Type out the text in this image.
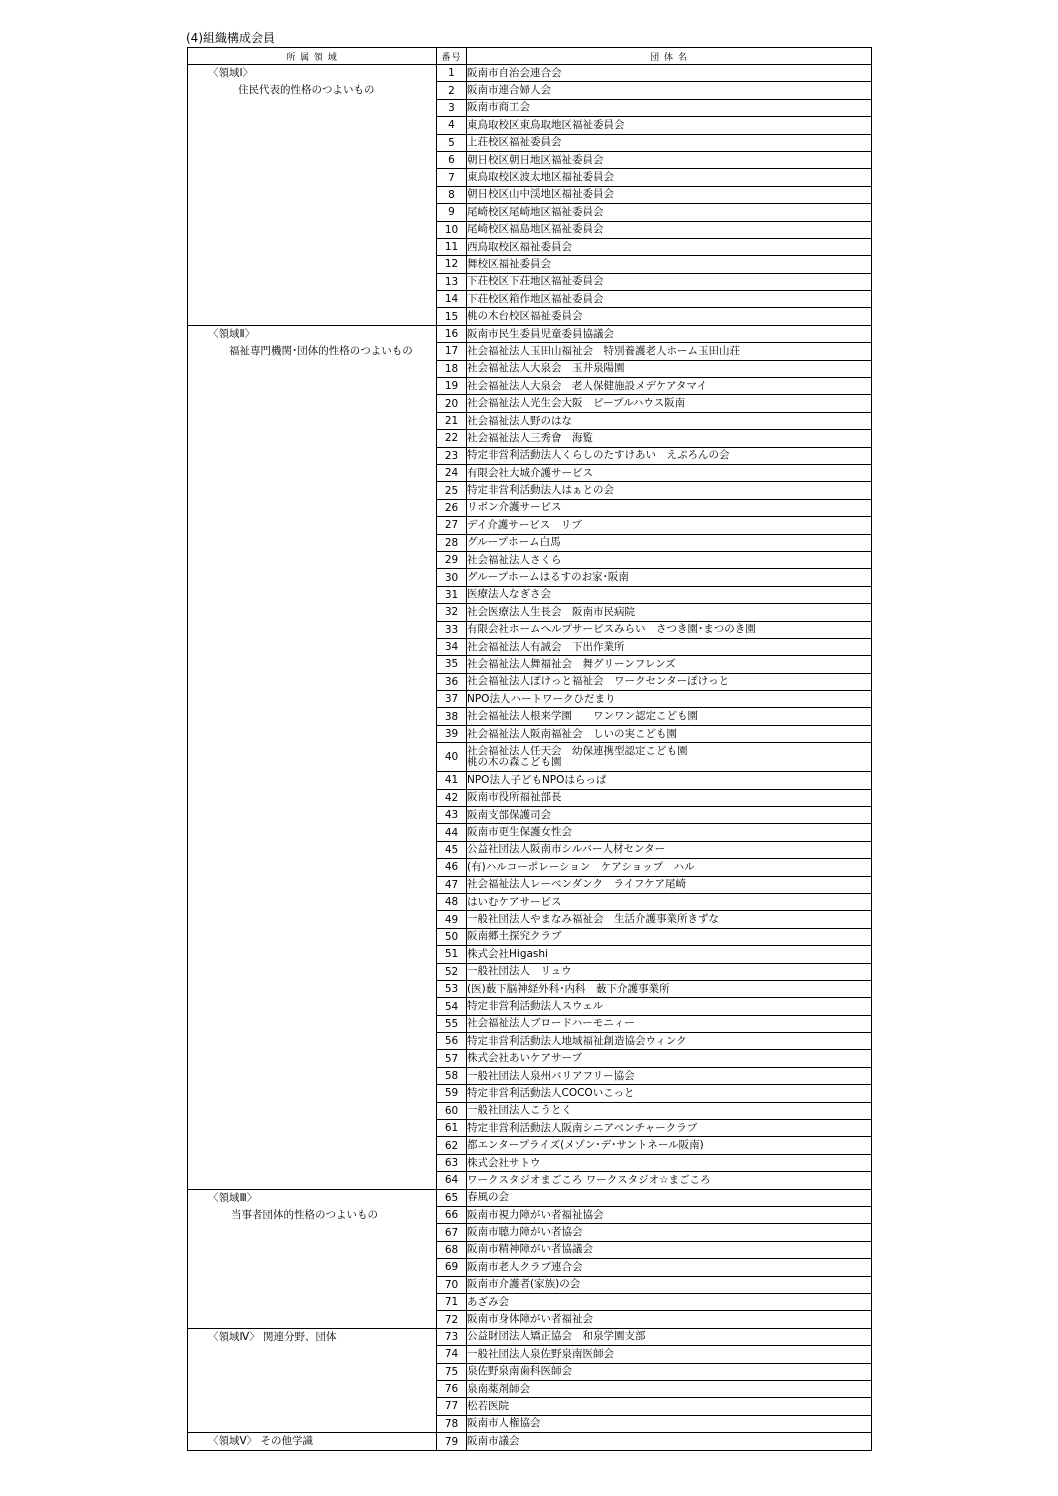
(4)組織構成会員
所 属 領 域	番号	団 体 名

〈領域Ⅰ〉
住民代表的性格のつよいもの	1	阪南市自治会連合会
	2	阪南市連合婦人会
	3	阪南市商工会
	4	東鳥取校区東鳥取地区福祉委員会
	5	上荘校区福祉委員会
	6	朝日校区朝日地区福祉委員会
	7	東鳥取校区波太地区福祉委員会
	8	朝日校区山中渓地区福祉委員会
	9	尾崎校区尾崎地区福祉委員会
	10	尾崎校区福島地区福祉委員会
	11	西鳥取校区福祉委員会
	12	舞校区福祉委員会
	13	下荘校区下荘地区福祉委員会
	14	下荘校区箱作地区福祉委員会
	15	桃の木台校区福祉委員会

〈領域Ⅱ〉
福祉専門機関･団体的性格のつよいもの	16	阪南市民生委員児童委員協議会
	17	社会福祉法人玉田山福祉会　特別養護老人ホーム玉田山荘
	18	社会福祉法人大泉会　玉井泉陽園
	19	社会福祉法人大泉会　老人保健施設メデケアタマイ
	20	社会福祉法人光生会大阪　ピープルハウス阪南
	21	社会福祉法人野のはな
	22	社会福祉法人三秀會　海覧
	23	特定非営利活動法人くらしのたすけあい　えぷろんの会
	24	有限会社大城介護サービス
	25	特定非営利活動法人はぁとの会
	26	リボン介護サービス
	27	デイ介護サービス　リブ
	28	グループホーム白馬
	29	社会福祉法人さくら
	30	グループホームはるすのお家･阪南
	31	医療法人なぎさ会
	32	社会医療法人生長会　阪南市民病院
	33	有限会社ホームヘルプサービスみらい　さつき園･まつのき園
	34	社会福祉法人有誠会　下出作業所
	35	社会福祉法人舞福祉会　舞グリーンフレンズ
	36	社会福祉法人ぽけっと福祉会　ワークセンターぽけっと
	37	NPO法人ハートワークひだまり
	38	社会福祉法人根来学園　　ワンワン認定こども園
	39	社会福祉法人阪南福祉会　しいの実こども園
	40	社会福祉法人任天会　幼保連携型認定こども園
桃の木の森こども園

	41	NPO法人子どもNPOはらっぱ
	42	阪南市役所福祉部長
	43	阪南支部保護司会
	44	阪南市更生保護女性会
	45	公益社団法人阪南市シルバー人材センター
	46	(有)ハルコーポレーション　ケアショップ　ハル
	47	社会福祉法人レーベンダンク　ライフケア尾崎
	48	はいむケアサービス
	49	一般社団法人やまなみ福祉会　生活介護事業所きずな
	50	阪南郷土探究クラブ
	51	株式会社Higashi
	52	一般社団法人　リュウ
	53	(医)薮下脳神経外科･内科　薮下介護事業所
	54	特定非営利活動法人スウェル
	55	社会福祉法人ブロードハーモニィー
	56	特定非営利活動法人地域福祉創造協会ウィンク
	57	株式会社あいケアサーブ
	58	一般社団法人泉州バリアフリー協会
	59	特定非営利活動法人COCOいこっと
	60	一般社団法人こうとく
	61	特定非営利活動法人阪南シニアベンチャークラブ
	62	都エンタープライズ(メゾン･デ･サントネール阪南)
	63	株式会社サトウ
	64	ワークスタジオまごころ ワークスタジオ☆まごころ

〈領域Ⅲ〉
当事者団体的性格のつよいもの	65	春風の会
	66	阪南市視力障がい者福祉協会
	67	阪南市聴力障がい者協会
	68	阪南市精神障がい者協議会
	69	阪南市老人クラブ連合会
	70	阪南市介護者(家族)の会
	71	あざみ会
	72	阪南市身体障がい者福祉会

〈領域Ⅳ〉 関連分野、団体	73	公益財団法人矯正協会　和泉学園支部
	74	一般社団法人泉佐野泉南医師会
	75	泉佐野泉南歯科医師会
	76	泉南薬剤師会
	77	松若医院
	78	阪南市人権協会

〈領域Ⅴ〉 その他学識	79	阪南市議会
